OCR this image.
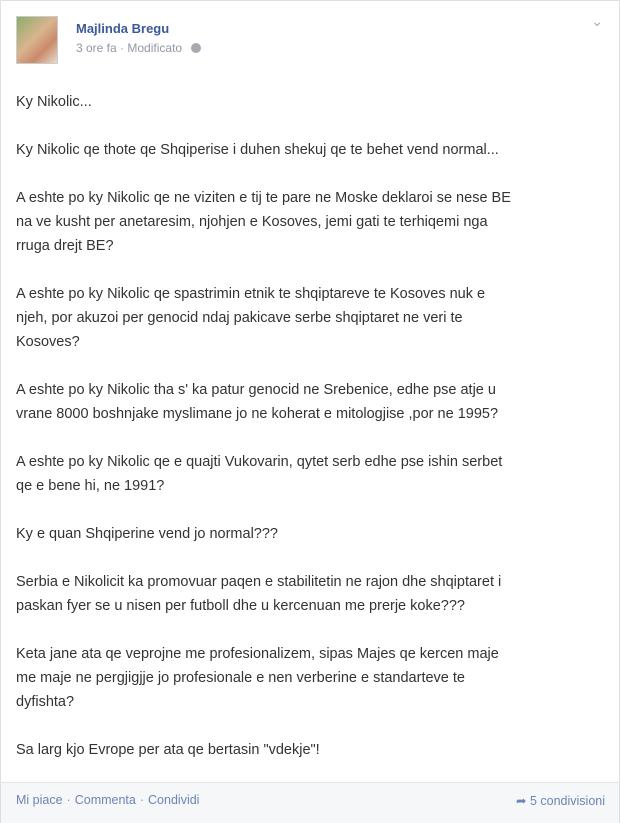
Majlinda Bregu
3 ore fa · Modificato
⌄

Ky Nikolic...

Ky Nikolic qe thote qe Shqiperise i duhen shekuj qe te behet vend normal...

A eshte po ky Nikolic qe ne viziten e tij te pare ne Moske deklaroi se nese BE
na ve kusht per anetaresim, njohjen e Kosoves, jemi gati te terhiqemi nga
rruga drejt BE?

A eshte po ky Nikolic qe spastrimin etnik te shqiptareve te Kosoves nuk e
njeh, por akuzoi per genocid ndaj pakicave serbe shqiptaret ne veri te
Kosoves?

A eshte po ky Nikolic tha s' ka patur genocid ne Srebenice, edhe pse atje u
vrane 8000 boshnjake myslimane jo ne koherat e mitologjise ,por ne 1995?

A eshte po ky Nikolic qe e quajti Vukovarin, qytet serb edhe pse ishin serbet
qe e bene hi, ne 1991?

Ky e quan Shqiperine vend jo normal???

Serbia e Nikolicit ka promovuar paqen e stabilitetin ne rajon dhe shqiptaret i
paskan fyer se u nisen per futboll dhe u kercenuan me prerje koke???

Keta jane ata qe veprojne me profesionalizem, sipas Majes qe kercen maje
me maje ne pergjigjje jo profesionale e nen verberine e standarteve te
dyfishta?

Sa larg kjo Evrope per ata qe bertasin "vdekje"!

Mi piace · Commenta · Condividi	➦ 5 condivisioni
